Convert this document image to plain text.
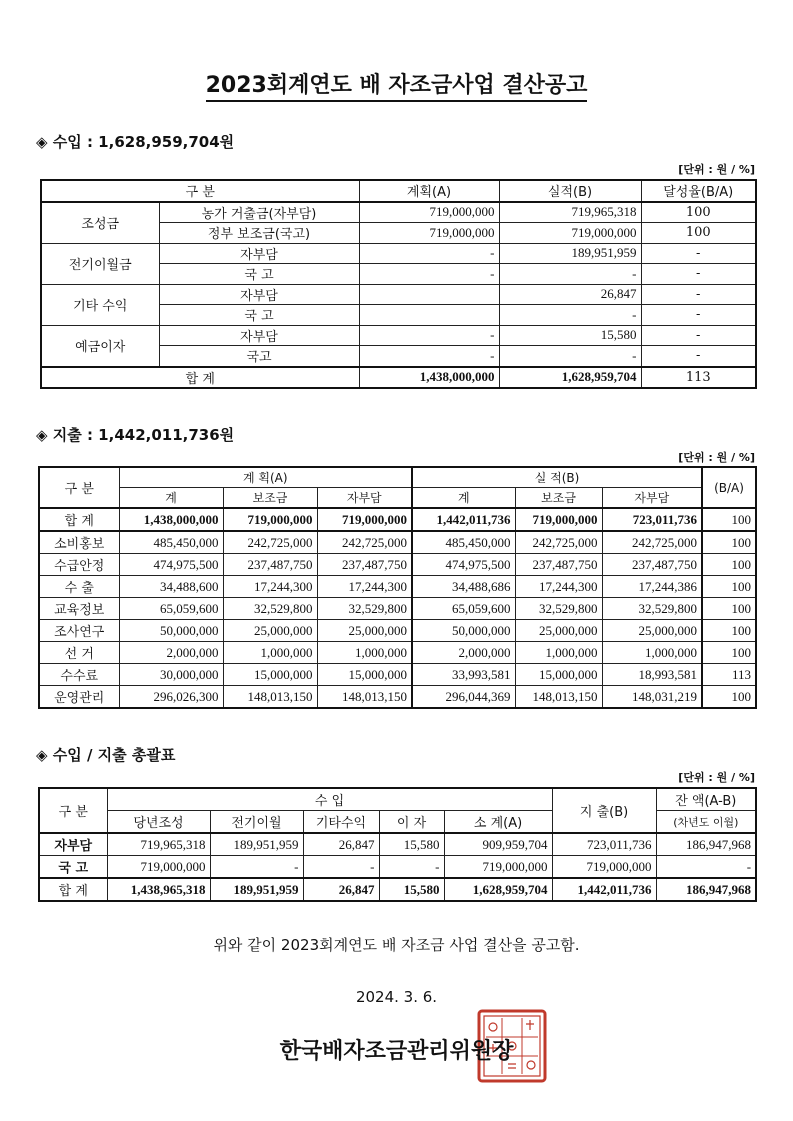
2023회계연도 배 자조금사업 결산공고
◈ 수입 : 1,628,959,704원
[단위 : 원 / %]
구 분		계획(A)	실적(B)	달성율(B/A)
조성금	농가 거출금(자부담)	719,000,000	719,965,318	100
	정부 보조금(국고)	719,000,000	719,000,000	100
전기이월금	자부담	-	189,951,959	-
	국 고	-	-	-
기타 수익	자부담		26,847	-
	국 고		-	-
예금이자	자부담	-	15,580	-
	국고	-	-	-
합 계		1,438,000,000	1,628,959,704	113
◈ 지출 : 1,442,011,736원
[단위 : 원 / %]
구 분	계 획(A)			실 적(B)			(B/A)
	계	보조금	자부담	계	보조금	자부담	
합 계	1,438,000,000	719,000,000	719,000,000	1,442,011,736	719,000,000	723,011,736	100
소비홍보	485,450,000	242,725,000	242,725,000	485,450,000	242,725,000	242,725,000	100
수급안정	474,975,500	237,487,750	237,487,750	474,975,500	237,487,750	237,487,750	100
수 출	34,488,600	17,244,300	17,244,300	34,488,686	17,244,300	17,244,386	100
교육정보	65,059,600	32,529,800	32,529,800	65,059,600	32,529,800	32,529,800	100
조사연구	50,000,000	25,000,000	25,000,000	50,000,000	25,000,000	25,000,000	100
선 거	2,000,000	1,000,000	1,000,000	2,000,000	1,000,000	1,000,000	100
수수료	30,000,000	15,000,000	15,000,000	33,993,581	15,000,000	18,993,581	113
운영관리	296,026,300	148,013,150	148,013,150	296,044,369	148,013,150	148,031,219	100
◈ 수입 / 지출 총괄표
[단위 : 원 / %]
구 분	수 입					지 출(B)	잔 액(A-B)
	당년조성	전기이월	기타수익	이 자	소 계(A)		(차년도 이월)
자부담	719,965,318	189,951,959	26,847	15,580	909,959,704	723,011,736	186,947,968
국 고	719,000,000	-	-	-	719,000,000	719,000,000	-
합 계	1,438,965,318	189,951,959	26,847	15,580	1,628,959,704	1,442,011,736	186,947,968
위와 같이 2023회계연도 배 자조금 사업 결산을 공고함.
2024. 3. 6.
한국배자조금관리위원장
